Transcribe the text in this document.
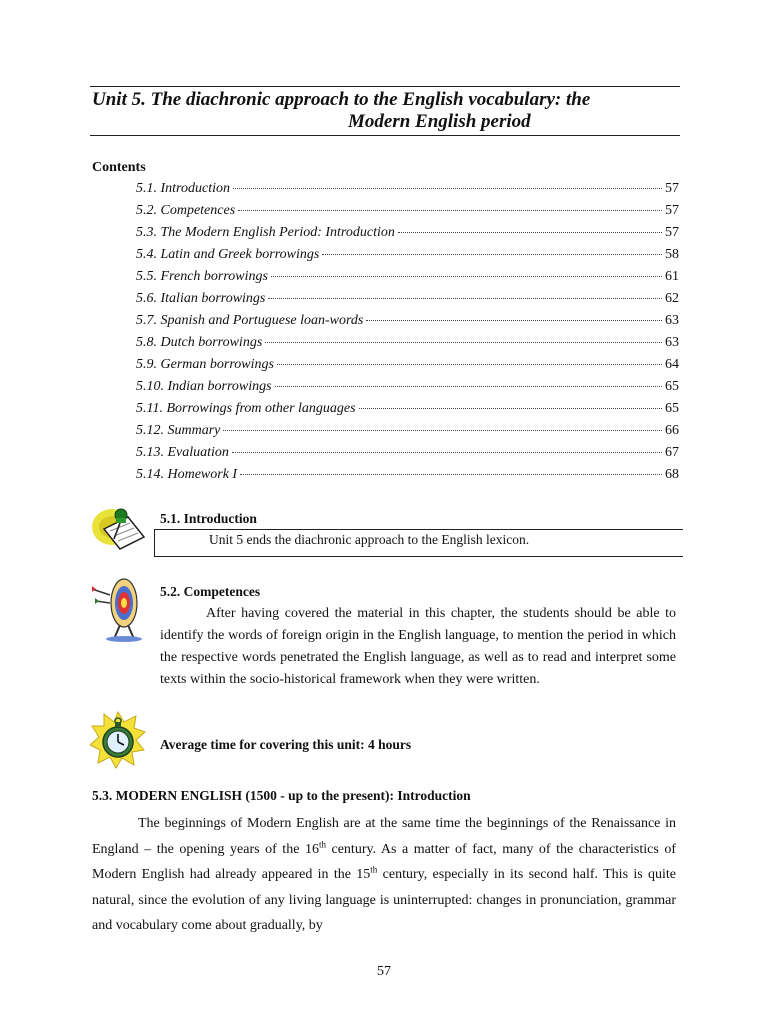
Unit 5. The diachronic approach to the English vocabulary: the
Modern English period
Contents
5.1. Introduction	57
5.2. Competences	57
5.3. The Modern English Period: Introduction	57
5.4. Latin and Greek borrowings	58
5.5. French borrowings	61
5.6. Italian borrowings	62
5.7. Spanish and Portuguese loan-words	63
5.8. Dutch borrowings	63
5.9. German borrowings	64
5.10. Indian borrowings	65
5.11. Borrowings from other languages	65
5.12. Summary	66
5.13. Evaluation	67
5.14. Homework I	68
5.1. Introduction
Unit 5 ends the diachronic approach to the English lexicon.
5.2. Competences
After having covered the material in this chapter, the students should be able to identify the words of foreign origin in the English language, to mention the period in which the respective words penetrated the English language, as well as to read and interpret some texts within the socio-historical framework when they were written.
Average time for covering this unit: 4 hours
5.3. MODERN ENGLISH (1500 - up to the present): Introduction
The beginnings of Modern English are at the same time the beginnings of the Renaissance in England – the opening years of the 16th century. As a matter of fact, many of the characteristics of Modern English had already appeared in the 15th century, especially in its second half. This is quite natural, since the evolution of any living language is uninterrupted: changes in pronunciation, grammar and vocabulary come about gradually, by
57
